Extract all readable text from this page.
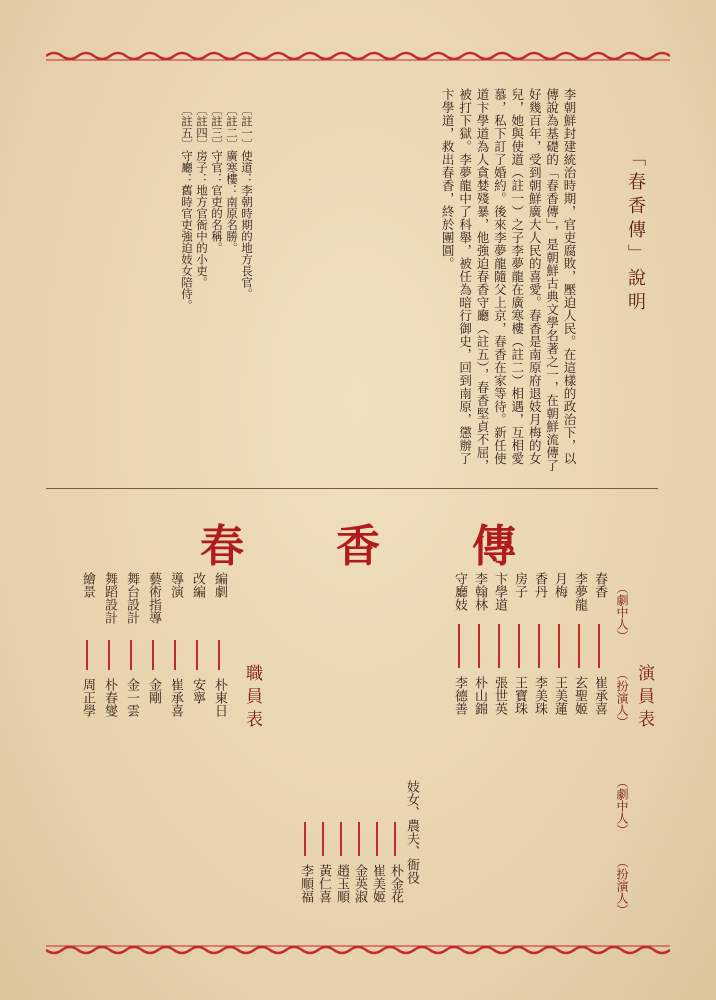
「春香傳」說明

李朝鮮封建統治時期，官吏腐敗，壓迫人民。在這樣的政治下，以傳說為基礎的「春香傳」，是朝鮮古典文學名著之一，在朝鮮流傳了好幾百年，受到朝鮮廣大人民的喜愛。春香是南原府退妓月梅的女兒，她與使道（註一）之子李夢龍在廣寒樓（註二）相遇，互相愛慕，私下訂了婚約。後來李夢龍隨父上京，春香在家等待。新任使道卞學道為人貪婪殘暴，他強迫春香守廳（註五），春香堅貞不屈，被打下獄。李夢龍中了科舉，被任為暗行御史，回到南原，懲辦了卞學道，救出春香，終於團圓。

〔註一〕使道：李朝時期的地方長官。

〔註二〕廣寒樓：南原名勝。

〔註三〕守官：官吏的名稱。

〔註四〕房子：地方官衙中的小吏。

〔註五〕守廳：舊時官吏強迫妓女陪侍。

春香傳
演員表
（劇中人）
（扮演人）
（劇中人）
（扮演人）
春香
崔承喜
李夢龍
玄聖姬
月梅
王美蓮
香丹
李美珠
房子
王寶珠
卞學道
張世英
李翰林
朴山錦
守廳妓
李德善
妓女、農夫、衙役
朴金花
崔美姬
金英淑
趙玉順
黃仁喜
李順福
職員表
編劇
朴東日
改編
安寧
導演
崔承喜
藝術指導
金剛
舞台設計
金一雲
舞蹈設計
朴春燮
繪景
周正學
